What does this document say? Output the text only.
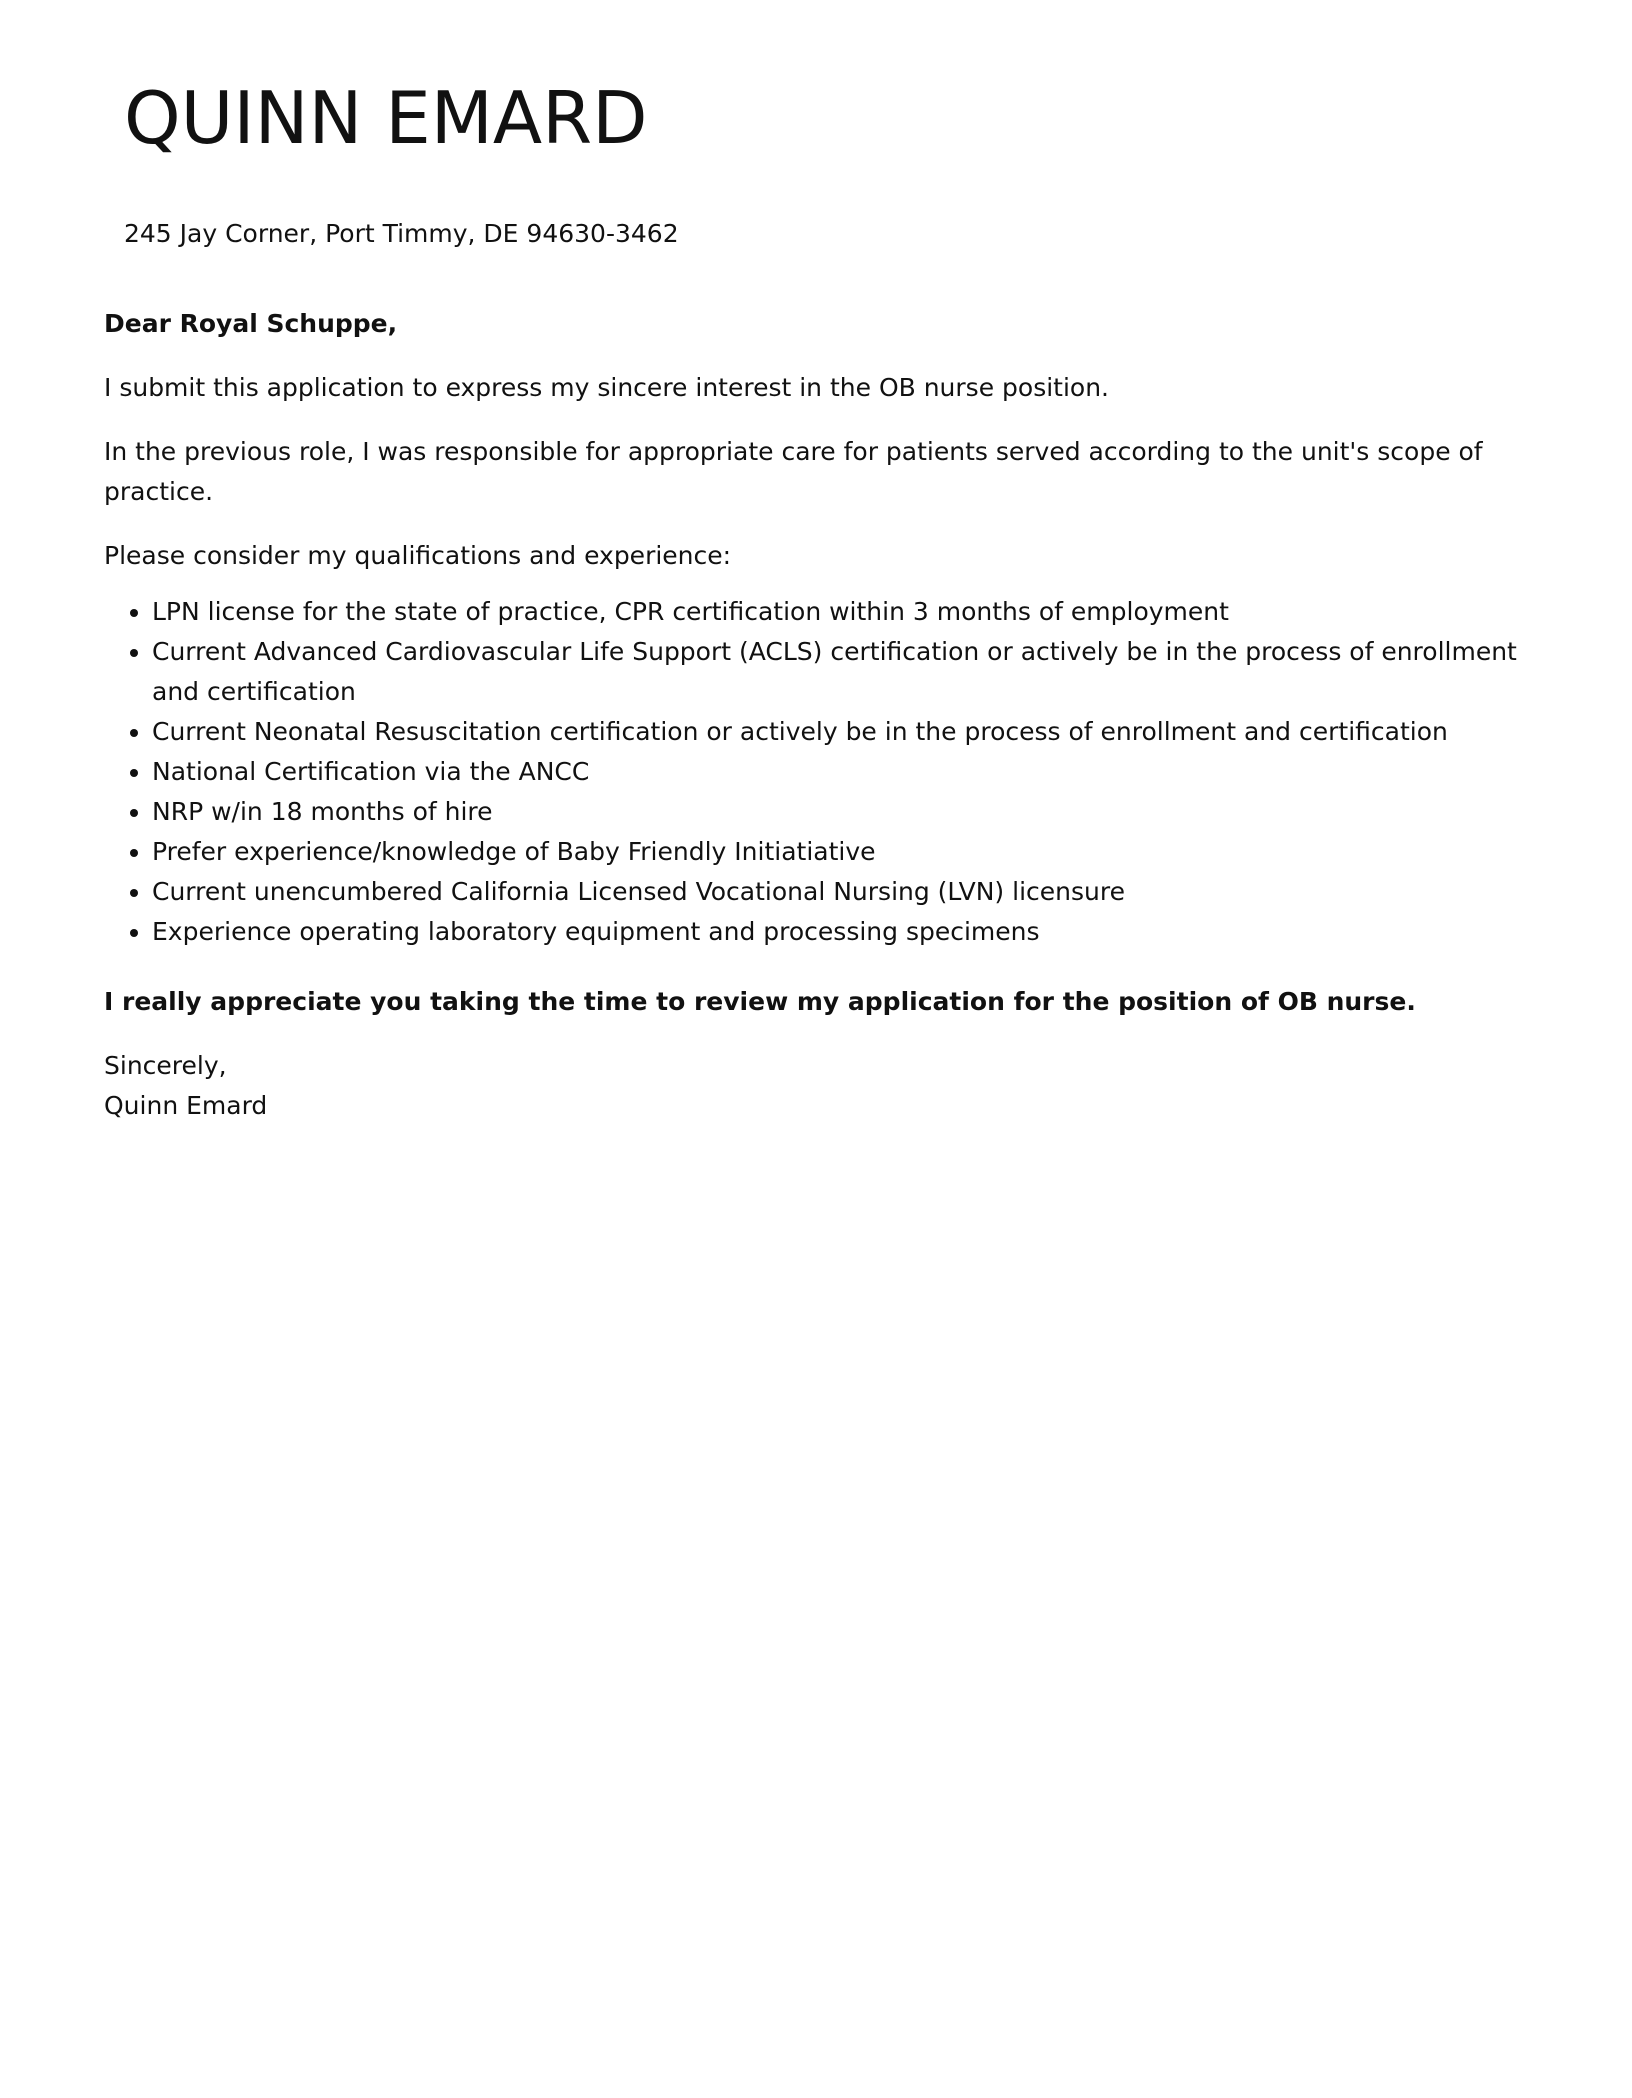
QUINN EMARD

245 Jay Corner, Port Timmy, DE 94630-3462

Dear Royal Schuppe,

I submit this application to express my sincere interest in the OB nurse position.

In the previous role, I was responsible for appropriate care for patients served according to the unit's scope of practice.

Please consider my qualifications and experience:

• LPN license for the state of practice, CPR certification within 3 months of employment
• Current Advanced Cardiovascular Life Support (ACLS) certification or actively be in the process of enrollment and certification
• Current Neonatal Resuscitation certification or actively be in the process of enrollment and certification
• National Certification via the ANCC
• NRP w/in 18 months of hire
• Prefer experience/knowledge of Baby Friendly Initiatiative
• Current unencumbered California Licensed Vocational Nursing (LVN) licensure
• Experience operating laboratory equipment and processing specimens

I really appreciate you taking the time to review my application for the position of OB nurse.

Sincerely,

Quinn Emard
